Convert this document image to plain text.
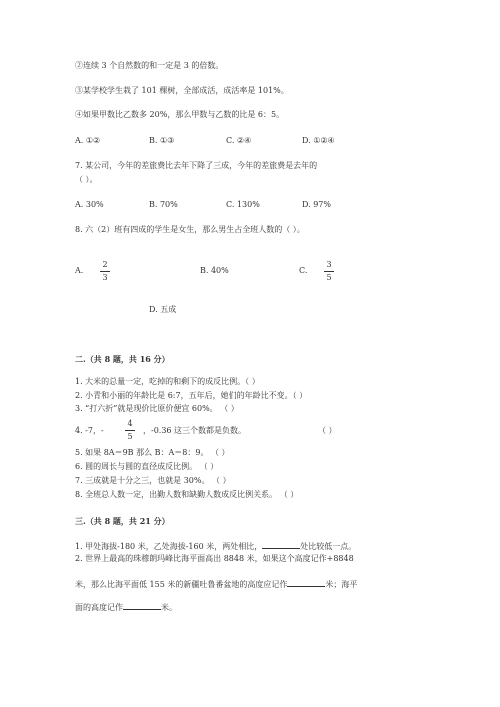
②连续 3 个自然数的和一定是 3 的倍数。
③某学校学生栽了 101 棵树，全部成活，成活率是 101%。
④如果甲数比乙数多 20%，那么甲数与乙数的比是 6：5。
A. ①②	B. ①③	C. ②④	D. ①②④
7. 某公司，今年的差旅费比去年下降了三成，今年的差旅费是去年的
（ ）。
A. 30%	B. 70%	C. 130%	D. 97%
8. 六（2）班有四成的学生是女生，那么男生占全班人数的（ ）。
A.
2
3
B. 40%	C.
3
5
D. 五成
二.（共 8 题，共 16 分）
1. 大米的总量一定，吃掉的和剩下的成反比例。（ ）
2. 小青和小丽的年龄比是 6:7，五年后，她们的年龄比不变。（ ）
3. “打六折”就是现价比原价便宜 60%。 （ ）
4. -7，-
4
5
，-0.36 这三个数都是负数。	（ ）
5. 如果 8A＝9B 那么 B：A＝8：9。 （ ）
6. 圆的周长与圆的直径成反比例。 （ ）
7. 三成就是十分之三，也就是 30%。 （ ）
8. 全班总人数一定，出勤人数和缺勤人数成反比例关系。 （ ）
三.（共 8 题，共 21 分）
1. 甲处海拔-180 米，乙处海拔-160 米，两处相比，	处比较低一点。
2. 世界上最高的珠穆朗玛峰比海平面高出 8848 米，如果这个高度记作+8848
米，那么比海平面低 155 米的新疆吐鲁番盆地的高度应记作	米；海平
面的高度记作	米。
